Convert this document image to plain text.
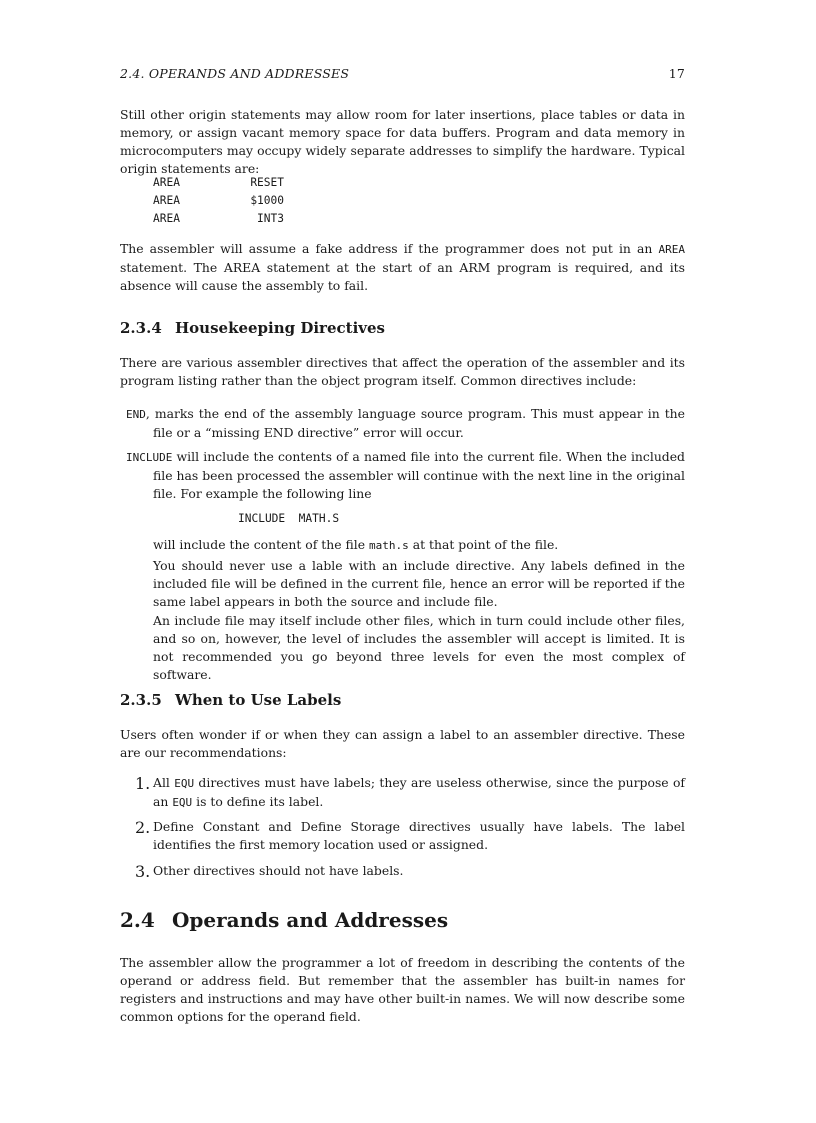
2.4. OPERANDS AND ADDRESSES	17

Still other origin statements may allow room for later insertions, place tables or data in memory, or assign vacant memory space for data buffers. Program and data memory in microcomputers may occupy widely separate addresses to simplify the hardware. Typical origin statements are:

AREA	RESET
AREA	$1000
AREA	INT3

The assembler will assume a fake address if the programmer does not put in an AREA statement. The AREA statement at the start of an ARM program is required, and its absence will cause the assembly to fail.

2.3.4 Housekeeping Directives

There are various assembler directives that affect the operation of the assembler and its program listing rather than the object program itself. Common directives include:

END, marks the end of the assembly language source program. This must appear in the file or a “missing END directive” error will occur.

INCLUDE will include the contents of a named file into the current file. When the included file has been processed the assembler will continue with the next line in the original file. For example the following line

INCLUDE MATH.S

will include the content of the file math.s at that point of the file.

You should never use a lable with an include directive. Any labels defined in the included file will be defined in the current file, hence an error will be reported if the same label appears in both the source and include file.

An include file may itself include other files, which in turn could include other files, and so on, however, the level of includes the assembler will accept is limited. It is not recommended you go beyond three levels for even the most complex of software.

2.3.5 When to Use Labels

Users often wonder if or when they can assign a label to an assembler directive. These are our recommendations:

1. All EQU directives must have labels; they are useless otherwise, since the purpose of an EQU is to define its label.

2. Define Constant and Define Storage directives usually have labels. The label identifies the first memory location used or assigned.

3. Other directives should not have labels.

2.4 Operands and Addresses

The assembler allow the programmer a lot of freedom in describing the contents of the operand or address field. But remember that the assembler has built-in names for registers and instructions and may have other built-in names. We will now describe some common options for the operand field.
